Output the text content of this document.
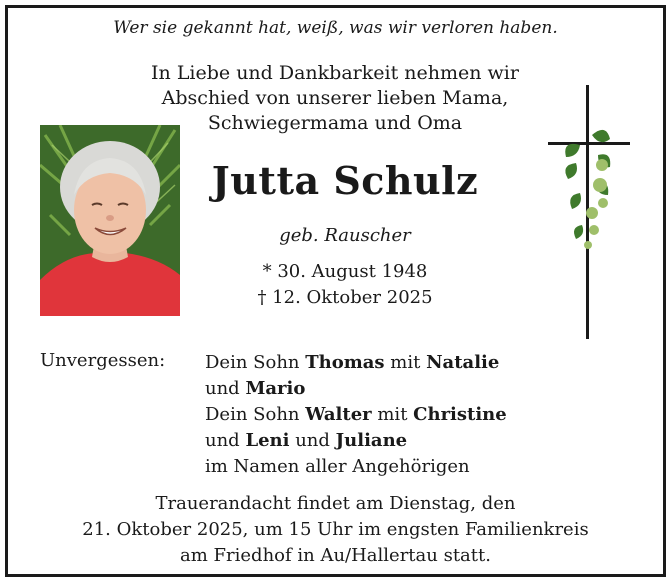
Wer sie gekannt hat, weiß, was wir verloren haben.
In Liebe und Dankbarkeit nehmen wir
Abschied von unserer lieben Mama,
Schwiegermama und Oma
Jutta Schulz
geb. Rauscher
* 30. August 1948
† 12. Oktober 2025
Unvergessen: Dein Sohn Thomas mit Natalie
und Mario
Dein Sohn Walter mit Christine
und Leni und Juliane
im Namen aller Angehörigen
Trauerandacht findet am Dienstag, den
21. Oktober 2025, um 15 Uhr im engsten Familienkreis
am Friedhof in Au/Hallertau statt.
